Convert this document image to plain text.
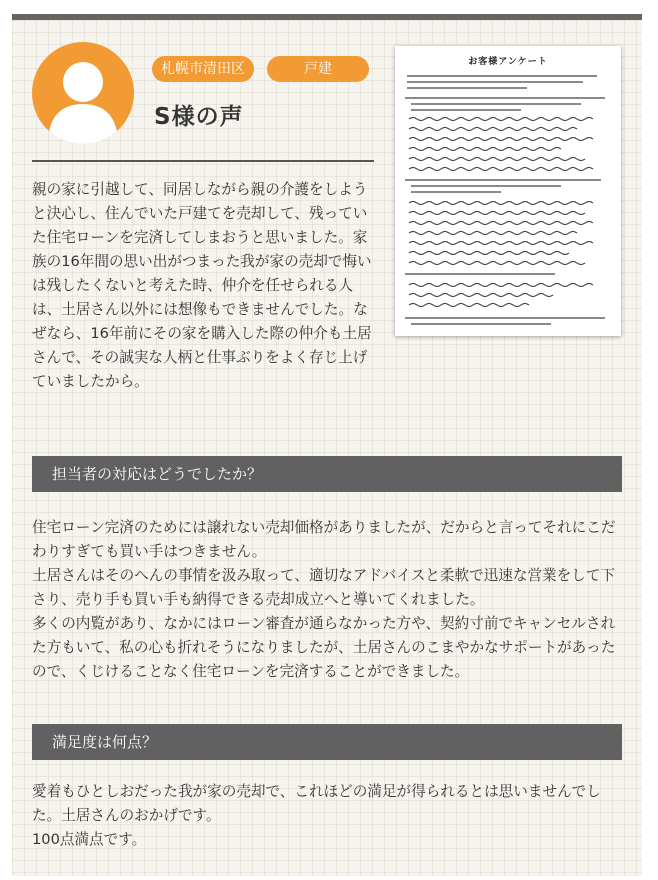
札幌市清田区	戸建
S様の声
親の家に引越して、同居しながら親の介護をしようと決心し、住んでいた戸建てを売却して、残っていた住宅ローンを完済してしまおうと思いました。家族の16年間の思い出がつまった我が家の売却で悔いは残したくないと考えた時、仲介を任せられる人は、土居さん以外には想像もできませんでした。なぜなら、16年前にその家を購入した際の仲介も土居さんで、その誠実な人柄と仕事ぶりをよく存じ上げていましたから。
お客様アンケート
担当者の対応はどうでしたか？

住宅ローン完済のためには譲れない売却価格がありましたが、だからと言ってそれにこだわりすぎても買い手はつきません。

土居さんはそのへんの事情を汲み取って、適切なアドバイスと柔軟で迅速な営業をして下さり、売り手も買い手も納得できる売却成立へと導いてくれました。

多くの内覧があり、なかにはローン審査が通らなかった方や、契約寸前でキャンセルされた方もいて、私の心も折れそうになりましたが、土居さんのこまやかなサポートがあったので、くじけることなく住宅ローンを完済することができました。

満足度は何点？

愛着もひとしおだった我が家の売却で、これほどの満足が得られるとは思いませんでした。土居さんのおかげです。

100点満点です。
